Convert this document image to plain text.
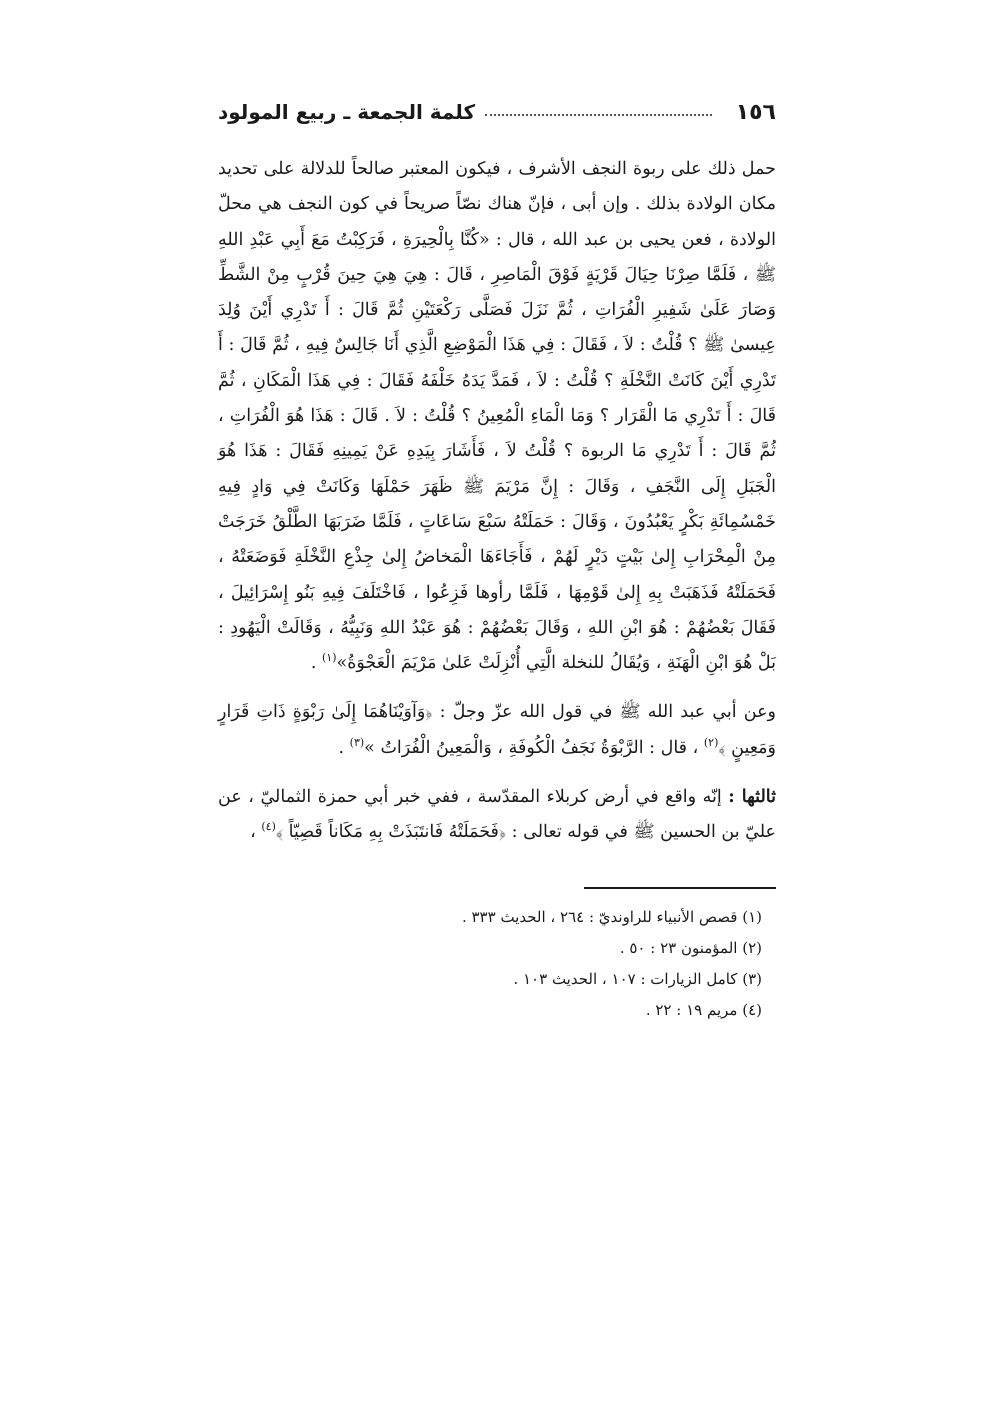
١٥٦
كلمة الجمعة ـ ربيع المولود

حمل ذلك على ربوة النجف الأشرف ، فيكون المعتبر صالحاً للدلالة على تحديد مكان الولادة بذلك . وإن أبى ، فإنّ هناك نصّاً صريحاً في كون النجف هي محلّ الولادة ، فعن يحيى بن عبد الله ، قال : «كُنَّا بِالْحِيرَةِ ، فَرَكِبْتُ مَعَ أَبِي عَبْدِ اللهِ ﷺ ، فَلَمَّا صِرْنَا حِيَالَ قَرْيَةٍ فَوْقَ الْمَاصِرِ ، قَالَ : هِيَ هِيَ حِينَ قُرْبٍ مِنْ الشَّطِّ وَصَارَ عَلَىٰ شَفِيرِ الْفُرَاتِ ، ثُمَّ نَزَلَ فَصَلَّى رَكْعَتَيْنِ ثُمَّ قَالَ : أَ تَدْرِي أَيْنَ وُلِدَ عِيسىٰ ﷺ ؟ قُلْتُ : لاَ ، فَقَالَ : فِي هَذَا الْمَوْضِعِ الَّذِي أَنَا جَالِسٌ فِيهِ ، ثُمَّ قَالَ : أَ تَدْرِي أَيْنَ كَانَتْ النَّخْلَةِ ؟ قُلْتُ : لاَ ، فَمَدَّ يَدَهُ خَلْفَهُ فَقَالَ : فِي هَذَا الْمَكَانِ ، ثُمَّ قَالَ : أَ تَدْرِي مَا الْقَرَار ؟ وَمَا الْمَاءِ الْمُعِينُ ؟ قُلْتُ : لاَ . قَالَ : هَذَا هُوَ الْفُرَاتِ ، ثُمَّ قَالَ : أَ تَدْرِي مَا الربوة ؟ قُلْتُ لاَ ، فَأَشَارَ بِيَدِهِ عَنْ يَمِينِهِ فَقَالَ : هَذَا هُوَ الْجَبَلِ إِلَى النَّجَفِ ، وَقَالَ : إِنَّ مَرْيَمَ ﷺ ظَهَرَ حَمْلَهَا وَكَانَتْ فِي وَادٍ فِيهِ خَمْسُمِائَةِ بَكْرٍ يَعْبُدُونَ ، وَقَالَ : حَمَلَتْهُ سَبْعَ سَاعَاتٍ ، فَلَمَّا ضَرَبَهَا الطَّلْقُ خَرَجَتْ مِنْ الْمِحْرَابِ إِلىٰ بَيْتٍ دَيْرٍ لَهُمْ ، فَأَجَاءَهَا الْمَخاضُ إِلىٰ جِذْعِ النَّخْلَةِ فَوَضَعَتْهُ ، فَحَمَلَتْهُ فَذَهَبَتْ بِهِ إِلىٰ قَوْمِهَا ، فَلَمَّا رأوها فَزِعُوا ، فَاخْتَلَفَ فِيهِ بَنُو إِسْرَائِيلَ ، فَقَالَ بَعْضُهُمْ : هُوَ ابْنِ اللهِ ، وَقَالَ بَعْضُهُمْ : هُوَ عَبْدُ اللهِ وَنَبِيُّهُ ، وَقَالَتْ الْيَهُودِ : بَلْ هُوَ ابْنِ الْهَنَةِ ، وَيُقَالُ للنخلة الَّتِي أُنْزِلَتْ عَلىٰ مَرْيَمَ الْعَجْوَةُ»$^{(١)}$ .

وعن أبي عبد الله ﷺ في قول الله عزّ وجلّ : ﴿وَآوَيْنَاهُمَا إِلَىٰ رَبْوَةٍ ذَاتِ قَرَارٍ وَمَعِينٍ ﴾$^{(٢)}$ ، قال : الرَّبْوَةُ نَجَفُ الْكُوفَةِ ، وَالْمَعِينُ الْفُرَاتُ »$^{(٣)}$ .

ثالثها : إنّه واقع في أرض كربلاء المقدّسة ، ففي خبر أبي حمزة الثماليّ ، عن عليّ بن الحسين ﷺ في قوله تعالى : ﴿فَحَمَلَتْهُ فَانتَبَذَتْ بِهِ مَكَاناً قَصِيّاً ﴾$^{(٤)}$ ،

(١) قصص الأنبياء للراونديّ : ٢٦٤ ، الحديث ٣٣٣ .
(٢) المؤمنون ٢٣ : ٥٠ .
(٣) كامل الزيارات : ١٠٧ ، الحديث ١٠٣ .
(٤) مريم ١٩ : ٢٢ .
